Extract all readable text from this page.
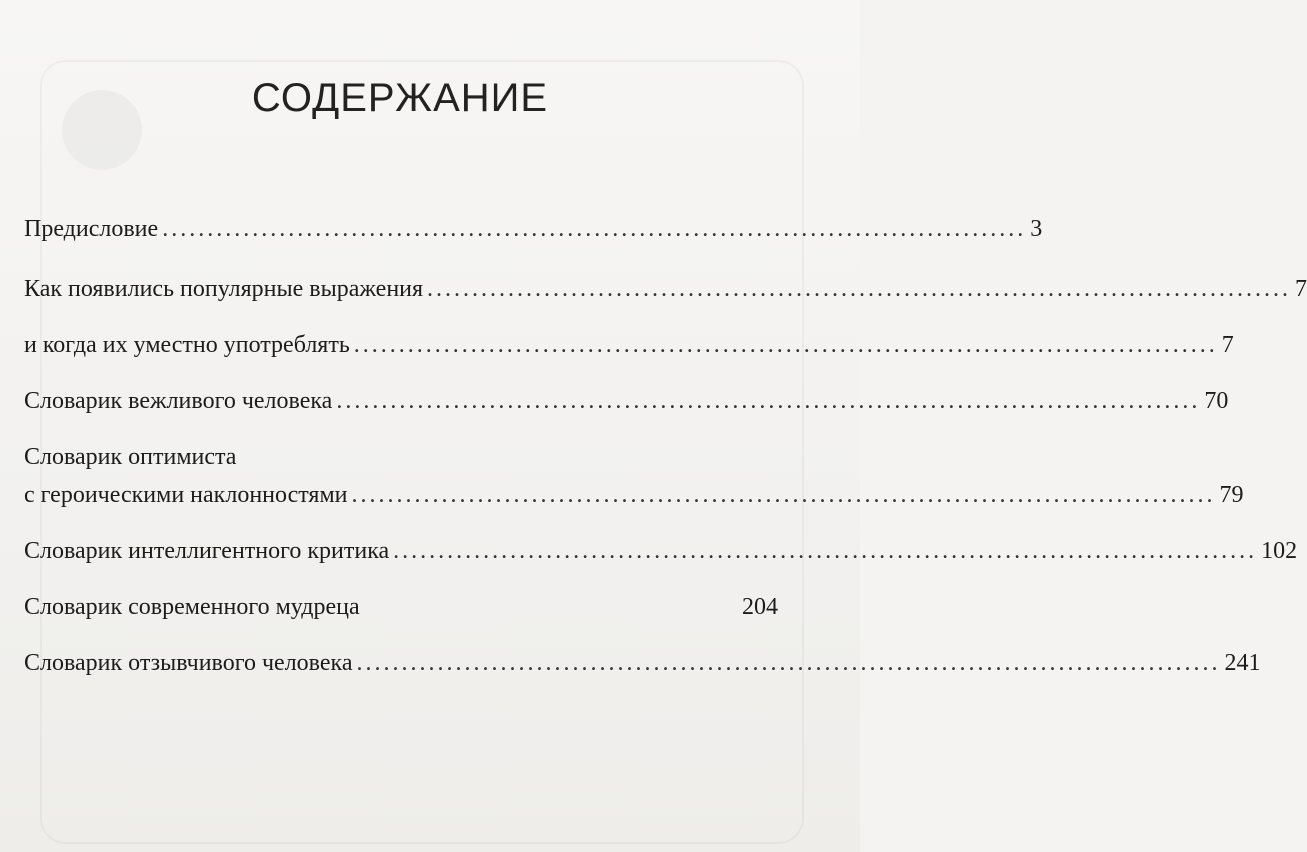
СОДЕРЖАНИЕ
Предисловие ................................................................................................ 3
Как появились популярные выражения ................................................................................................ 7
и когда их уместно употреблять ................................................................................................ 7
Словарик вежливого человека ................................................................................................ 70
Словарик оптимиста
с героическими наклонностями ................................................................................................ 79
Словарик интеллигентного критика ................................................................................................ 102
Словарик современного мудреца	204
Словарик отзывчивого человека ................................................................................................ 241
